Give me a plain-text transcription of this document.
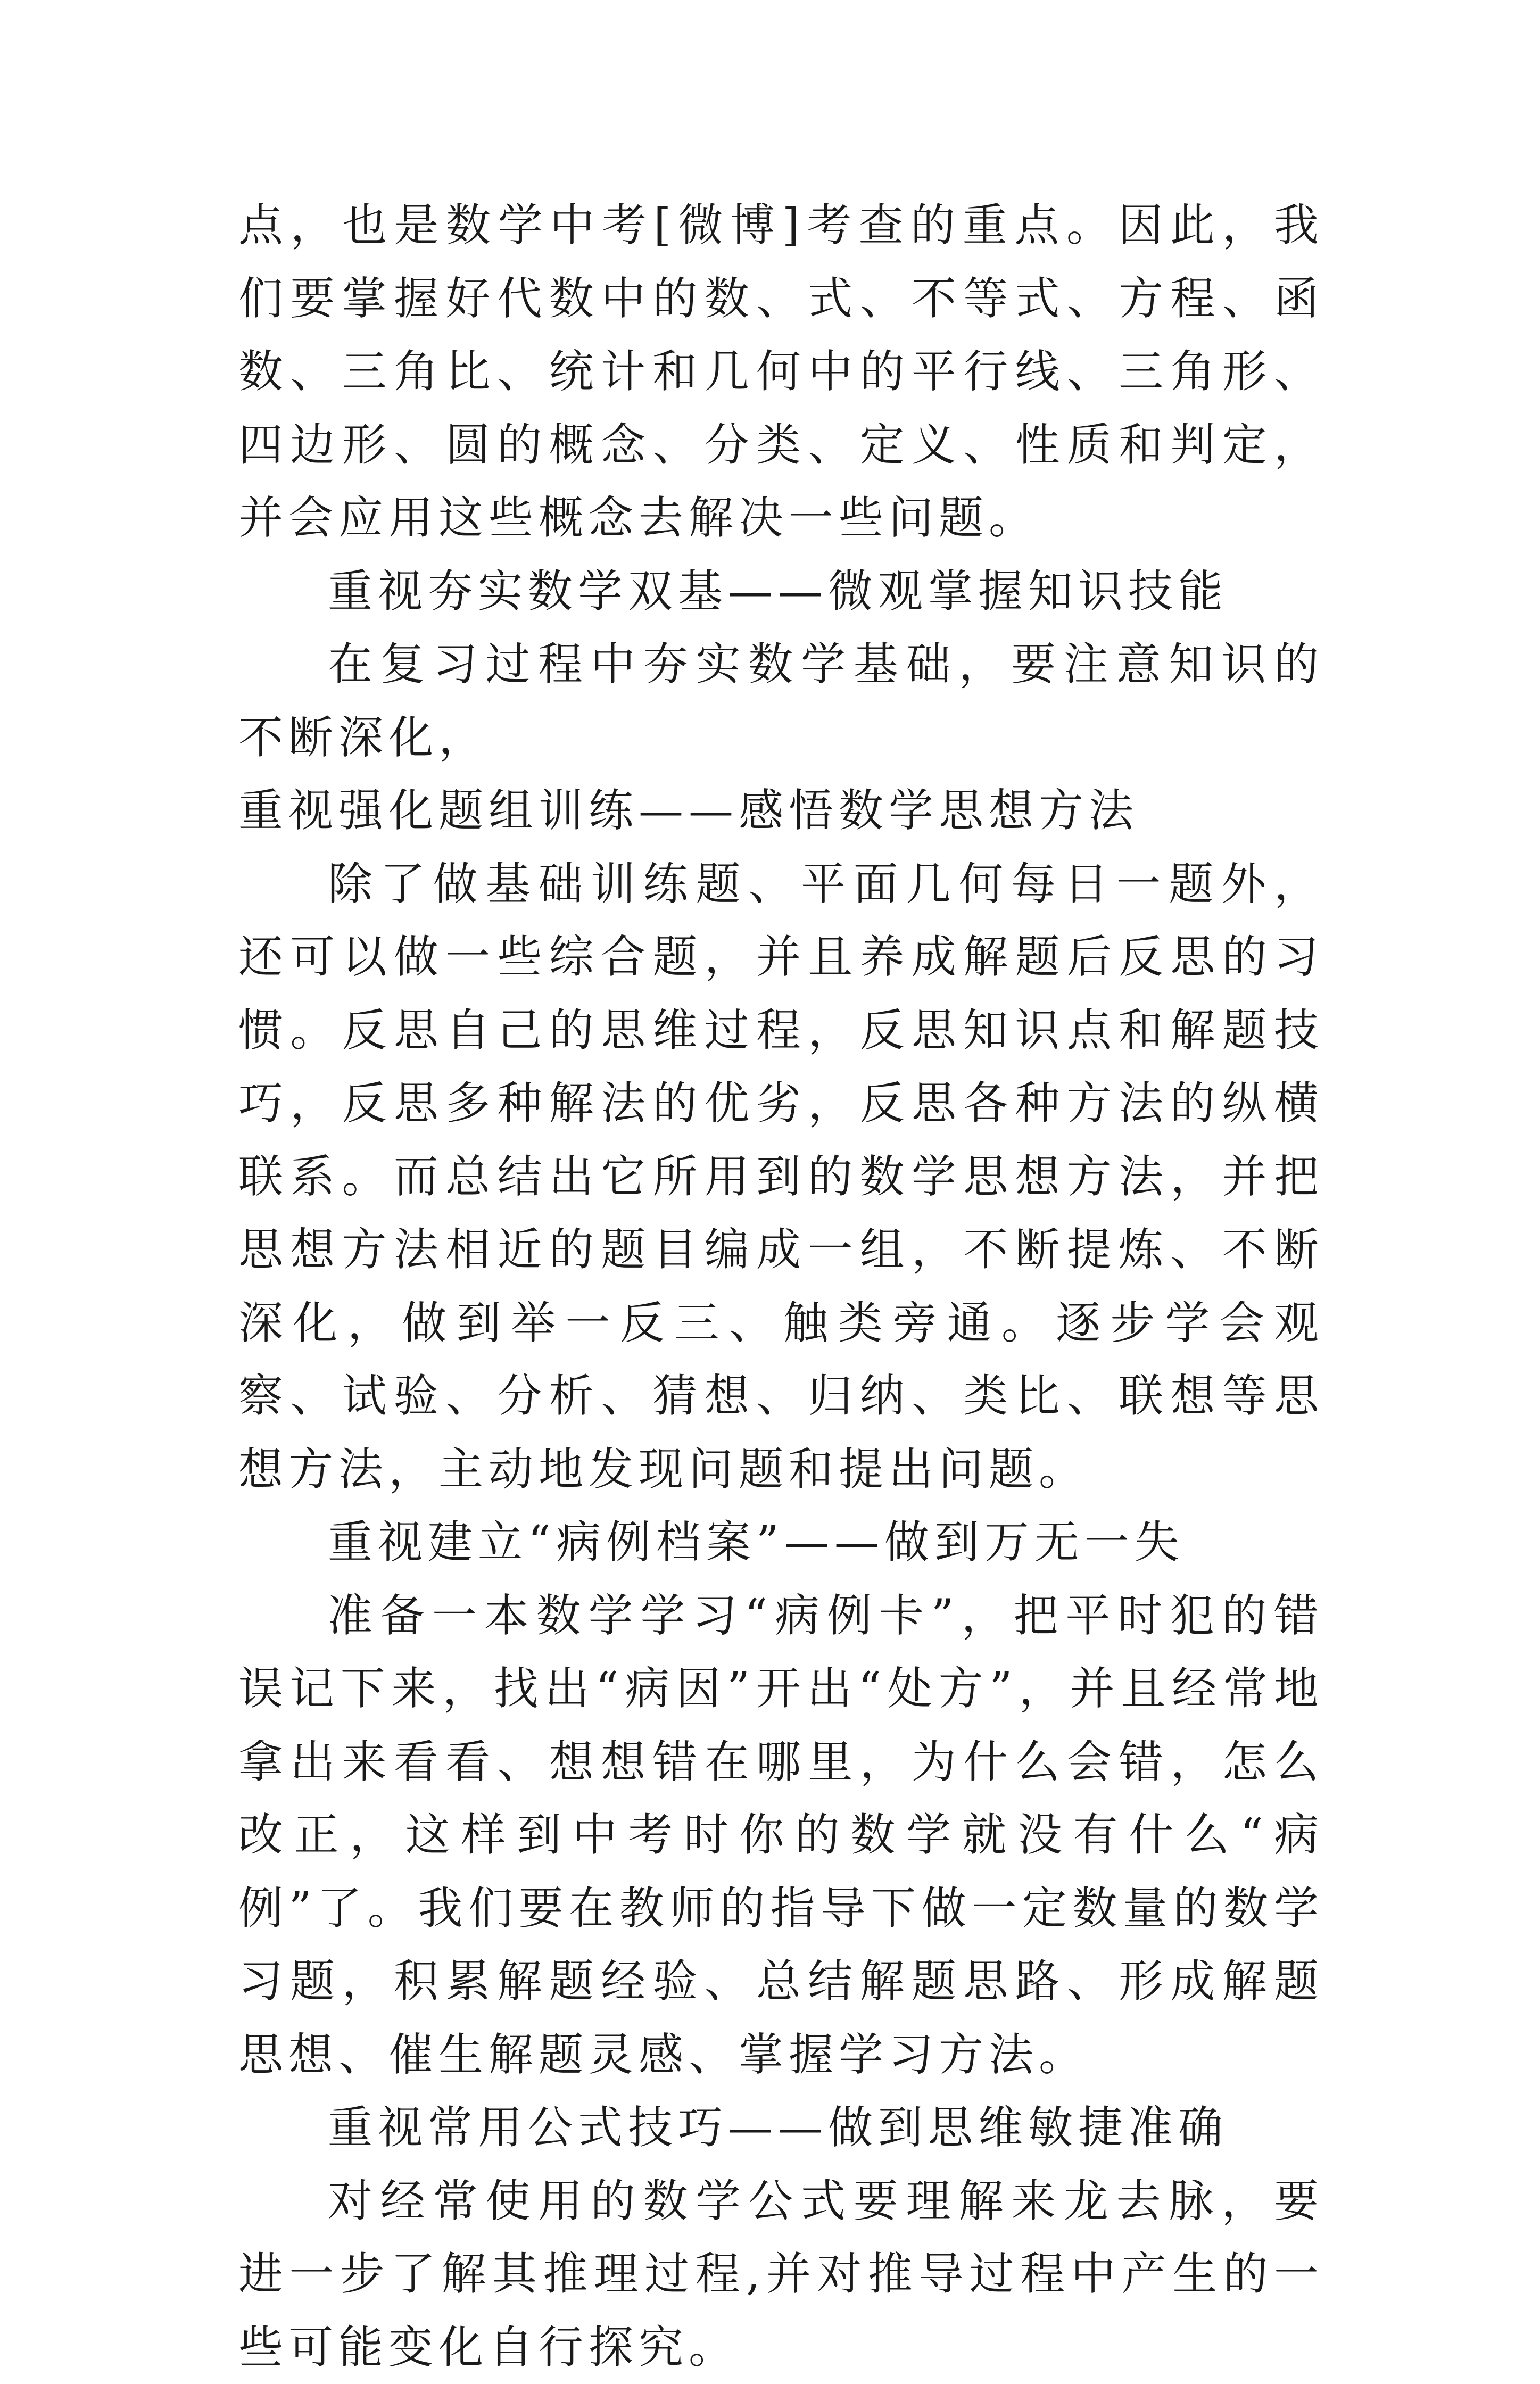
点，也是数学中考[微博]考查的重点。因此，我们要掌握好代数中的数、式、不等式、方程、函数、三角比、统计和几何中的平行线、三角形、四边形、圆的概念、分类、定义、性质和判定，并会应用这些概念去解决一些问题。

重视夯实数学双基——微观掌握知识技能

在复习过程中夯实数学基础，要注意知识的不断深化，

重视强化题组训练——感悟数学思想方法

除了做基础训练题、平面几何每日一题外，还可以做一些综合题，并且养成解题后反思的习惯。反思自己的思维过程，反思知识点和解题技巧，反思多种解法的优劣，反思各种方法的纵横联系。而总结出它所用到的数学思想方法，并把思想方法相近的题目编成一组，不断提炼、不断深化，做到举一反三、触类旁通。逐步学会观察、试验、分析、猜想、归纳、类比、联想等思想方法，主动地发现问题和提出问题。

重视建立“病例档案”——做到万无一失

准备一本数学学习“病例卡”，把平时犯的错误记下来，找出“病因”开出“处方”，并且经常地拿出来看看、想想错在哪里，为什么会错，怎么改正，这样到中考时你的数学就没有什么“病例”了。我们要在教师的指导下做一定数量的数学习题，积累解题经验、总结解题思路、形成解题思想、催生解题灵感、掌握学习方法。

重视常用公式技巧——做到思维敏捷准确

对经常使用的数学公式要理解来龙去脉，要进一步了解其推理过程,并对推导过程中产生的一些可能变化自行探究。
